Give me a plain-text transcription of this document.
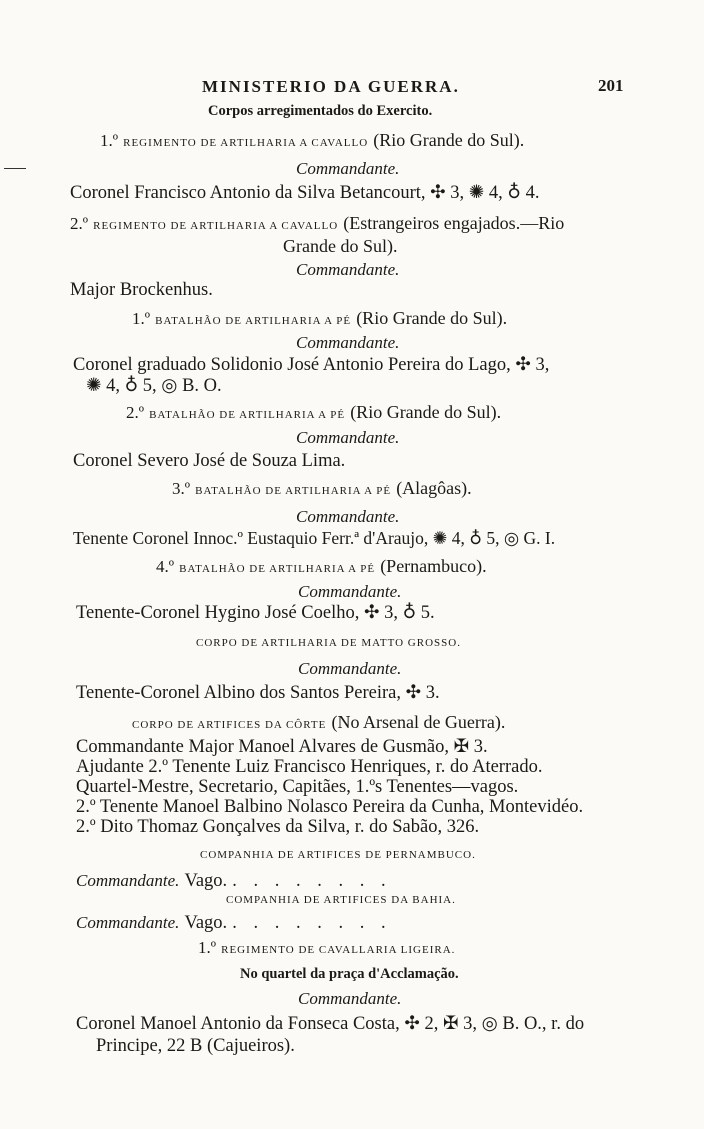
MINISTERIO DA GUERRA.	201
Corpos arregimentados do Exercito.
1.º REGIMENTO DE ARTILHARIA A CAVALLO (Rio Grande do Sul).
Commandante.
Coronel Francisco Antonio da Silva Betancourt, ✣ 3, ✺ 4, ♁ 4.
2.º REGIMENTO DE ARTILHARIA A CAVALLO (Estrangeiros engajados.—Rio
Grande do Sul).
Commandante.
Major Brockenhus.
1.º BATALHÃO DE ARTILHARIA A PÉ (Rio Grande do Sul).
Commandante.
Coronel graduado Solidonio José Antonio Pereira do Lago, ✣ 3,
✺ 4, ♁ 5, ◎ B. O.
2.º BATALHÃO DE ARTILHARIA A PÉ (Rio Grande do Sul).
Commandante.
Coronel Severo José de Souza Lima.
3.º BATALHÃO DE ARTILHARIA A PÉ (Alagôas).
Commandante.
Tenente Coronel Innoc.º Eustaquio Ferr.ª d'Araujo, ✺ 4, ♁ 5, ◎ G. I.
4.º BATALHÃO DE ARTILHARIA A PÉ (Pernambuco).
Commandante.
Tenente-Coronel Hygino José Coelho, ✣ 3, ♁ 5.
CORPO DE ARTILHARIA DE MATTO GROSSO.
Commandante.
Tenente-Coronel Albino dos Santos Pereira, ✣ 3.
CORPO DE ARTIFICES DA CÔRTE (No Arsenal de Guerra).
Commandante Major Manoel Alvares de Gusmão, ✠ 3.
Ajudante 2.º Tenente Luiz Francisco Henriques, r. do Aterrado.
Quartel-Mestre, Secretario, Capitães, 1.ºs Tenentes—vagos.
2.º Tenente Manoel Balbino Nolasco Pereira da Cunha, Montevidéo.
2.º Dito Thomaz Gonçalves da Silva, r. do Sabão, 326.
COMPANHIA DE ARTIFICES DE PERNAMBUCO.
Commandante. Vago. . . . . . . . .
COMPANHIA DE ARTIFICES DA BAHIA.
Commandante. Vago. . . . . . . . .
1.º REGIMENTO DE CAVALLARIA LIGEIRA.
No quartel da praça d'Acclamação.
Commandante.
Coronel Manoel Antonio da Fonseca Costa, ✣ 2, ✠ 3, ◎ B. O., r. do
Principe, 22 B (Cajueiros).
